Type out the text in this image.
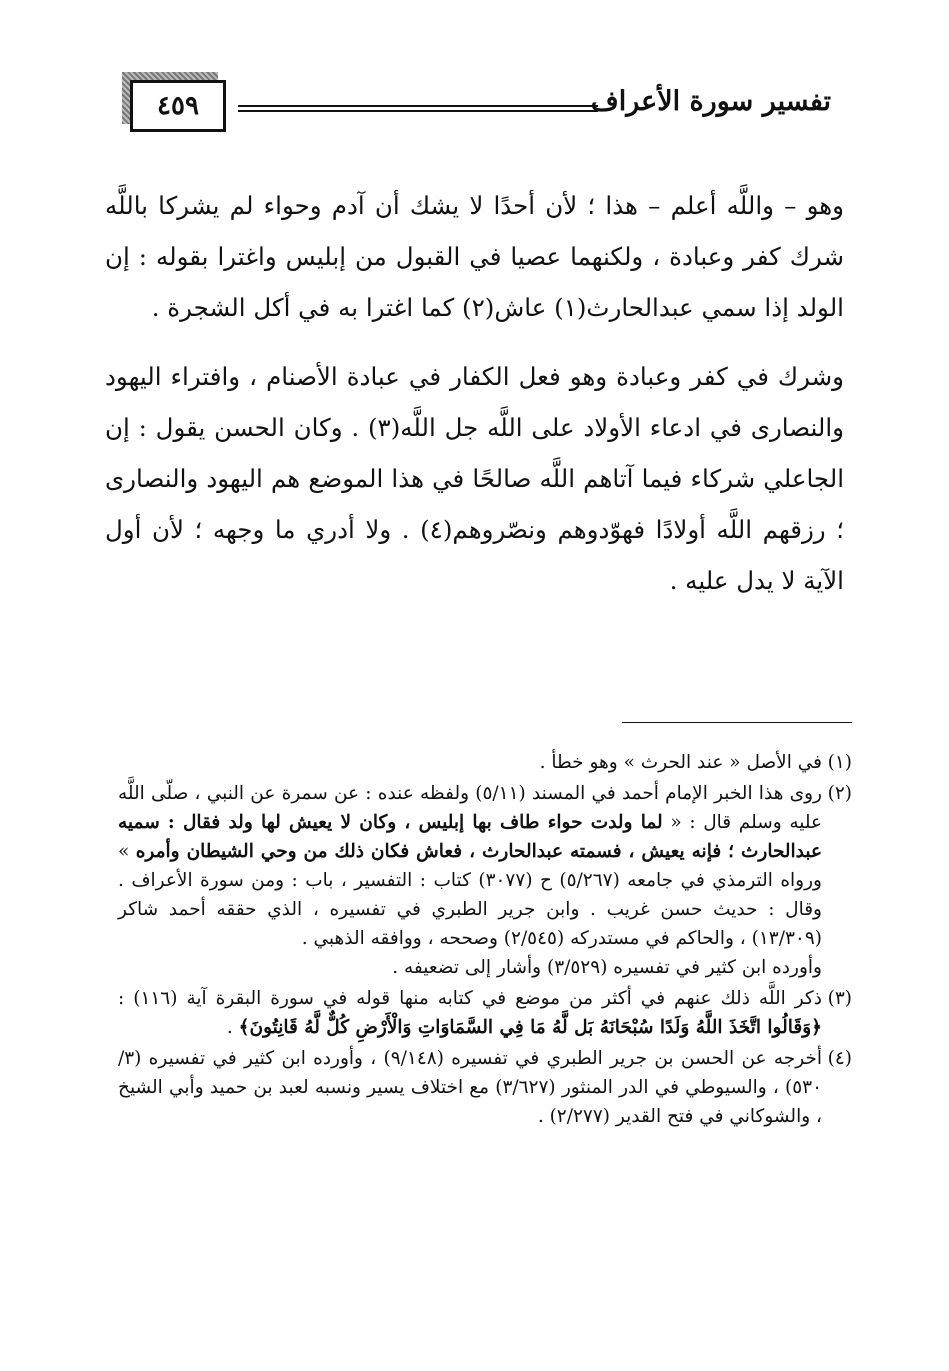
٤٥٩	تفسير سورة الأعراف

وهو – واللَّه أعلم – هذا ؛ لأن أحدًا لا يشك أن آدم وحواء لم يشركا باللَّه شرك كفر وعبادة ، ولكنهما عصيا في القبول من إبليس واغترا بقوله : إن الولد إذا سمي عبدالحارث(١) عاش(٢) كما اغترا به في أكل الشجرة .

وشرك في كفر وعبادة وهو فعل الكفار في عبادة الأصنام ، وافتراء اليهود والنصارى في ادعاء الأولاد على اللَّه جل اللَّه(٣) . وكان الحسن يقول : إن الجاعلي شركاء فيما آتاهم اللَّه صالحًا في هذا الموضع هم اليهود والنصارى ؛ رزقهم اللَّه أولادًا فهوّدوهم ونصّروهم(٤) . ولا أدري ما وجهه ؛ لأن أول الآية لا يدل عليه .

(١)
في الأصل « عند الحرث » وهو خطأ .
(٢)
روى هذا الخبر الإمام أحمد في المسند (٥/١١) ولفظه عنده : عن سمرة عن النبي ، صلّى اللَّه عليه وسلم قال : « لما ولدت حواء طاف بها إبليس ، وكان لا يعيش لها ولد فقال : سميه عبدالحارث ؛ فإنه يعيش ، فسمته عبدالحارث ، فعاش فكان ذلك من وحي الشيطان وأمره » ورواه الترمذي في جامعه (٥/٢٦٧) ح (٣٠٧٧) كتاب : التفسير ، باب : ومن سورة الأعراف . وقال : حديث حسن غريب . وابن جرير الطبري في تفسيره ، الذي حققه أحمد شاكر (١٣/٣٠٩) ، والحاكم في مستدركه (٢/٥٤٥) وصححه ، ووافقه الذهبي .
وأورده ابن كثير في تفسيره (٣/٥٢٩) وأشار إلى تضعيفه .
(٣)
ذكر اللَّه ذلك عنهم في أكثر من موضع في كتابه منها قوله في سورة البقرة آية (١١٦) : ﴿وَقَالُوا اتَّخَذَ اللَّهُ وَلَدًا سُبْحَانَهُ بَل لَّهُ مَا فِي السَّمَاوَاتِ وَالْأَرْضِ كُلٌّ لَّهُ قَانِتُونَ﴾ .
(٤)
أخرجه عن الحسن بن جرير الطبري في تفسيره (٩/١٤٨) ، وأورده ابن كثير في تفسيره (٣/ ٥٣٠) ، والسيوطي في الدر المنثور (٣/٦٢٧) مع اختلاف يسير ونسبه لعبد بن حميد وأبي الشيخ ، والشوكاني في فتح القدير (٢/٢٧٧) .
